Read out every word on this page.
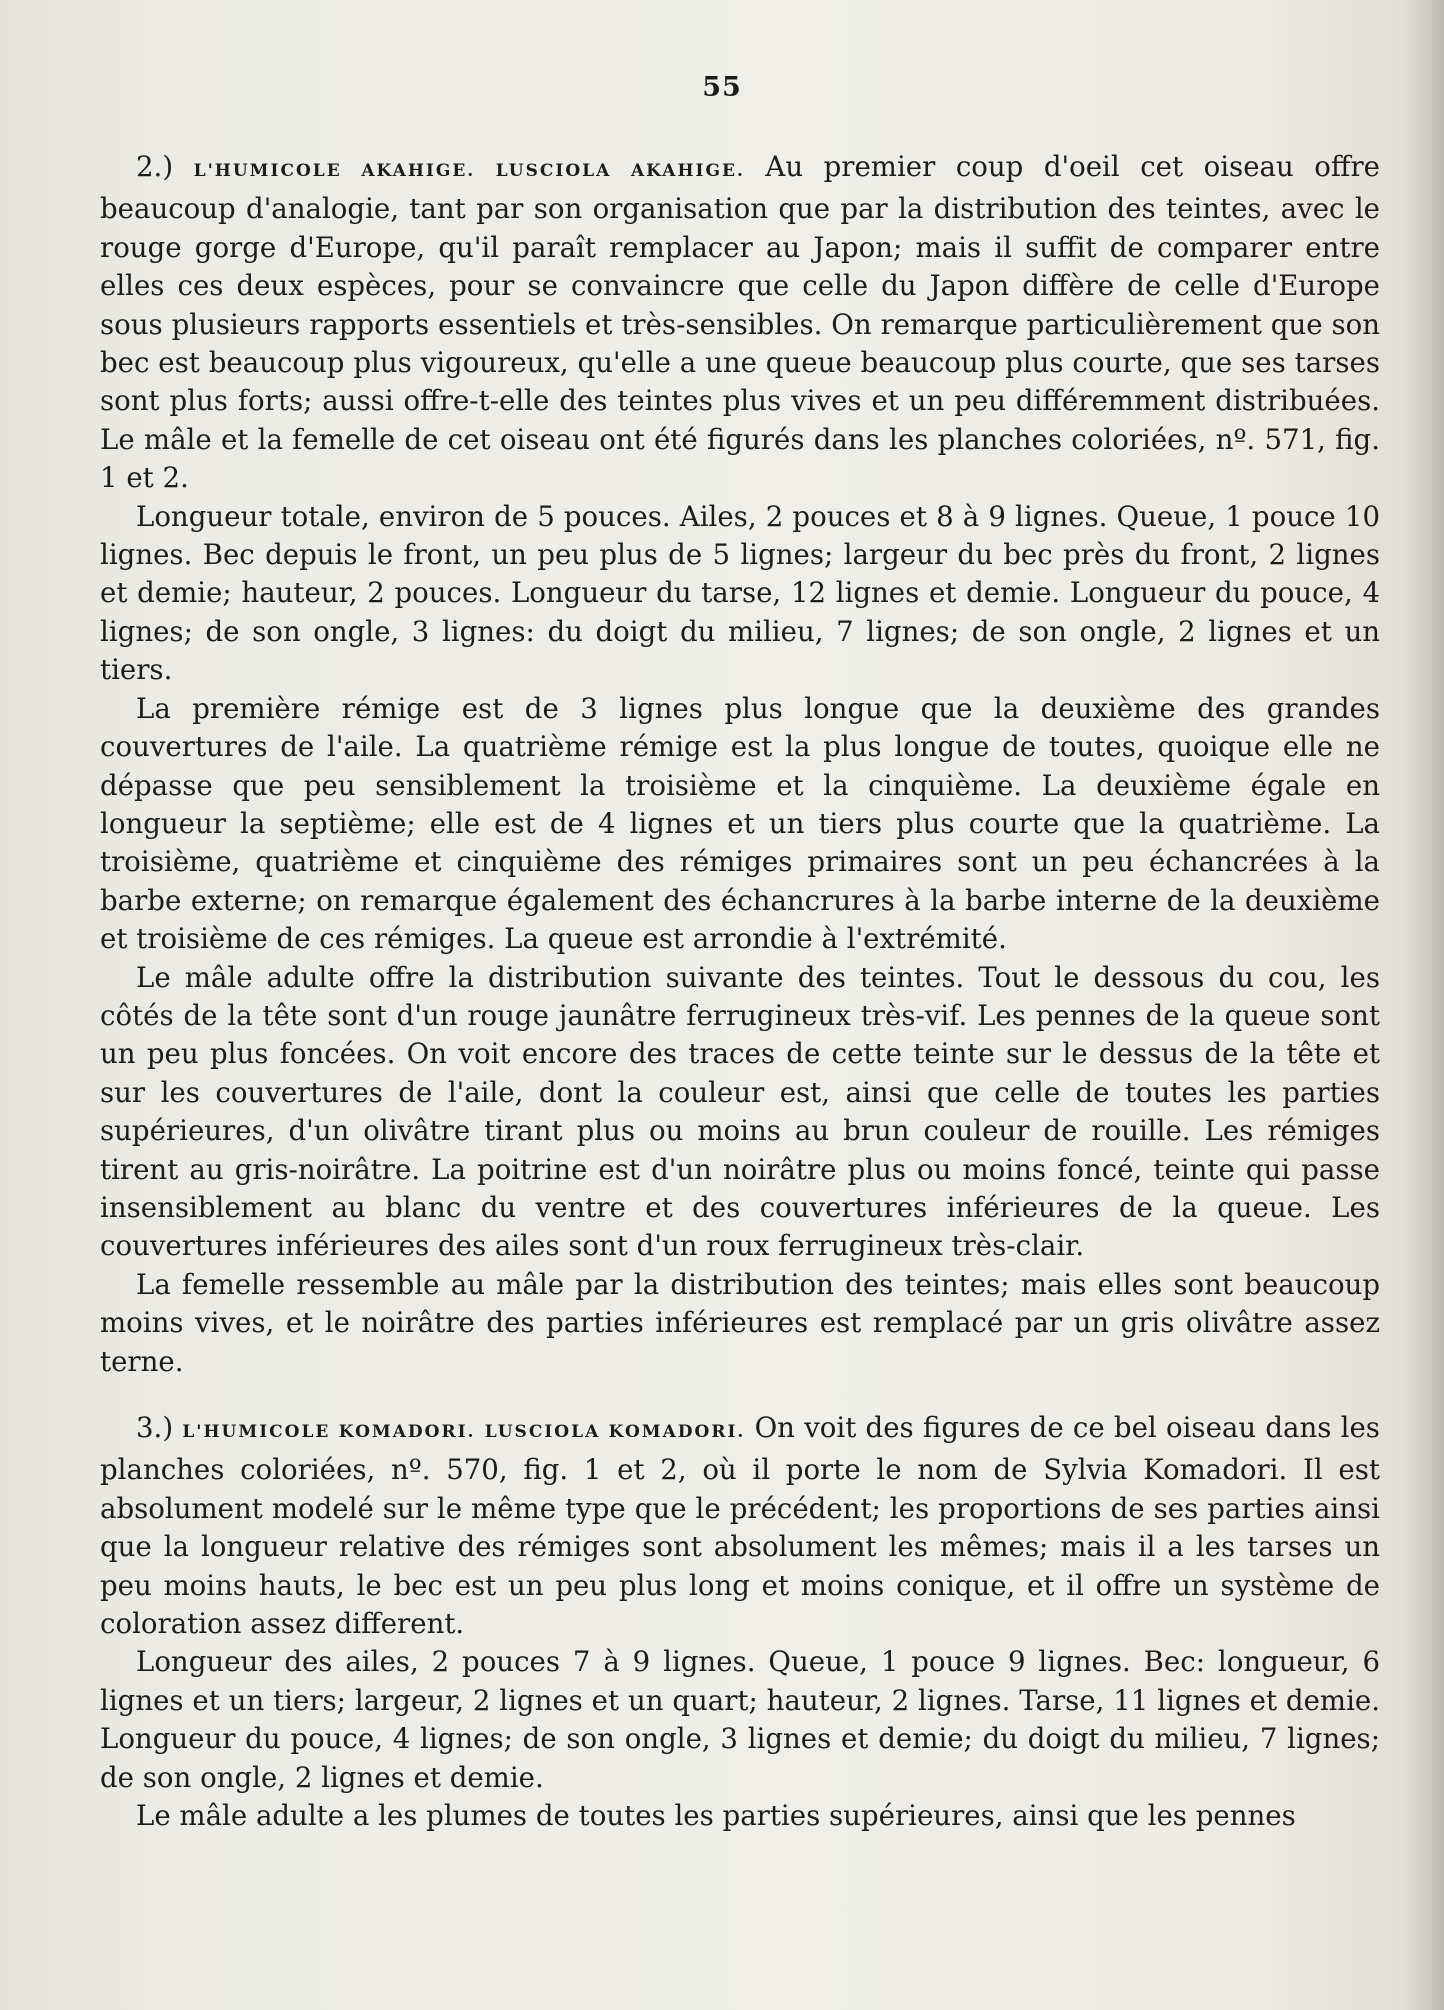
55

2.) L'HUMICOLE AKAHIGE. LUSCIOLA AKAHIGE. Au premier coup d'oeil cet oiseau offre beaucoup d'analogie, tant par son organisation que par la distribution des teintes, avec le rouge gorge d'Europe, qu'il paraît remplacer au Japon; mais il suffit de comparer entre elles ces deux espèces, pour se convaincre que celle du Japon diffère de celle d'Europe sous plusieurs rapports essentiels et très-sensibles. On remarque particulièrement que son bec est beaucoup plus vigoureux, qu'elle a une queue beaucoup plus courte, que ses tarses sont plus forts; aussi offre-t-elle des teintes plus vives et un peu différemment distribuées. Le mâle et la femelle de cet oiseau ont été figurés dans les planches coloriées, nº. 571, fig. 1 et 2.

Longueur totale, environ de 5 pouces. Ailes, 2 pouces et 8 à 9 lignes. Queue, 1 pouce 10 lignes. Bec depuis le front, un peu plus de 5 lignes; largeur du bec près du front, 2 lignes et demie; hauteur, 2 pouces. Longueur du tarse, 12 lignes et demie. Longueur du pouce, 4 lignes; de son ongle, 3 lignes: du doigt du milieu, 7 lignes; de son ongle, 2 lignes et un tiers.

La première rémige est de 3 lignes plus longue que la deuxième des grandes couvertures de l'aile. La quatrième rémige est la plus longue de toutes, quoique elle ne dépasse que peu sensiblement la troisième et la cinquième. La deuxième égale en longueur la septième; elle est de 4 lignes et un tiers plus courte que la quatrième. La troisième, quatrième et cinquième des rémiges primaires sont un peu échancrées à la barbe externe; on remarque également des échancrures à la barbe interne de la deuxième et troisième de ces rémiges. La queue est arrondie à l'extrémité.

Le mâle adulte offre la distribution suivante des teintes. Tout le dessous du cou, les côtés de la tête sont d'un rouge jaunâtre ferrugineux très-vif. Les pennes de la queue sont un peu plus foncées. On voit encore des traces de cette teinte sur le dessus de la tête et sur les couvertures de l'aile, dont la couleur est, ainsi que celle de toutes les parties supérieures, d'un olivâtre tirant plus ou moins au brun couleur de rouille. Les rémiges tirent au gris-noirâtre. La poitrine est d'un noirâtre plus ou moins foncé, teinte qui passe insensiblement au blanc du ventre et des couvertures inférieures de la queue. Les couvertures inférieures des ailes sont d'un roux ferrugineux très-clair.

La femelle ressemble au mâle par la distribution des teintes; mais elles sont beaucoup moins vives, et le noirâtre des parties inférieures est remplacé par un gris olivâtre assez terne.

3.) L'HUMICOLE KOMADORI. LUSCIOLA KOMADORI. On voit des figures de ce bel oiseau dans les planches coloriées, nº. 570, fig. 1 et 2, où il porte le nom de Sylvia Komadori. Il est absolument modelé sur le même type que le précédent; les proportions de ses parties ainsi que la longueur relative des rémiges sont absolument les mêmes; mais il a les tarses un peu moins hauts, le bec est un peu plus long et moins conique, et il offre un système de coloration assez different.

Longueur des ailes, 2 pouces 7 à 9 lignes. Queue, 1 pouce 9 lignes. Bec: longueur, 6 lignes et un tiers; largeur, 2 lignes et un quart; hauteur, 2 lignes. Tarse, 11 lignes et demie. Longueur du pouce, 4 lignes; de son ongle, 3 lignes et demie; du doigt du milieu, 7 lignes; de son ongle, 2 lignes et demie.

Le mâle adulte a les plumes de toutes les parties supérieures, ainsi que les pennes
